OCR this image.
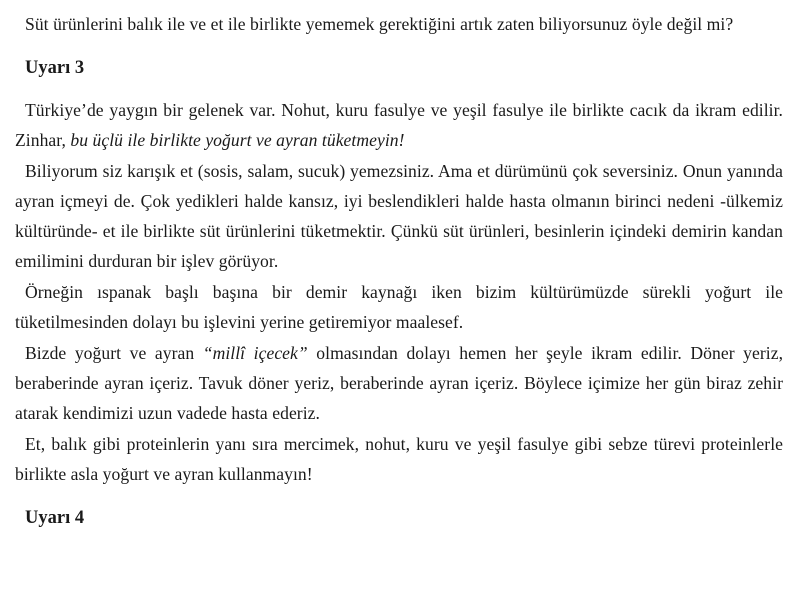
Süt ürünlerini balık ile ve et ile birlikte yememek gerektiğini artık zaten biliyorsunuz öyle değil mi?

Uyarı 3

Türkiye’de yaygın bir gelenek var. Nohut, kuru fasulye ve yeşil fasulye ile birlikte cacık da ikram edilir. Zinhar, bu üçlü ile birlikte yoğurt ve ayran tüketmeyin!

Biliyorum siz karışık et (sosis, salam, sucuk) yemezsiniz. Ama et dürümünü çok seversiniz. Onun yanında ayran içmeyi de. Çok yedikleri halde kansız, iyi beslendikleri halde hasta olmanın birinci nedeni -ülkemiz kültüründe- et ile birlikte süt ürünlerini tüketmektir. Çünkü süt ürünleri, besinlerin içindeki demirin kandan emilimini durduran bir işlev görüyor.

Örneğin ıspanak başlı başına bir demir kaynağı iken bizim kültürümüzde sürekli yoğurt ile tüketilmesinden dolayı bu işlevini yerine getiremiyor maalesef.

Bizde yoğurt ve ayran “millî içecek” olmasından dolayı hemen her şeyle ikram edilir. Döner yeriz, beraberinde ayran içeriz. Tavuk döner yeriz, beraberinde ayran içeriz. Böylece içimize her gün biraz zehir atarak kendimizi uzun vadede hasta ederiz.

Et, balık gibi proteinlerin yanı sıra mercimek, nohut, kuru ve yeşil fasulye gibi sebze türevi proteinlerle birlikte asla yoğurt ve ayran kullanmayın!

Uyarı 4
